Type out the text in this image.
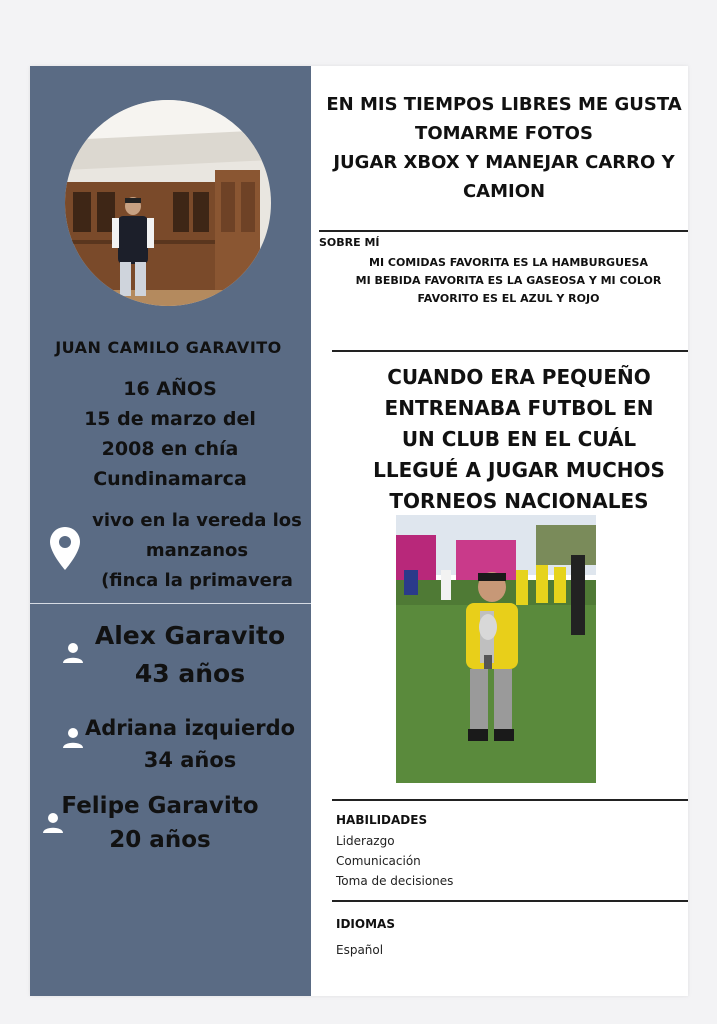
JUAN CAMILO GARAVITO
16 AÑOS
15 de marzo del
2008 en chía
Cundinamarca
vivo en la vereda los
manzanos
(finca la primavera
Alex Garavito
43 años
Adriana izquierdo
34 años
Felipe Garavito
20 años
EN MIS TIEMPOS LIBRES ME GUSTA
TOMARME FOTOS
JUGAR XBOX Y MANEJAR CARRO Y
CAMION
SOBRE MÍ
MI COMIDAS FAVORITA ES LA HAMBURGUESA
MI BEBIDA FAVORITA ES LA GASEOSA Y MI COLOR
FAVORITO ES EL AZUL Y ROJO
CUANDO ERA PEQUEÑO
ENTRENABA FUTBOL EN
UN CLUB EN EL CUÁL
LLEGUÉ A JUGAR MUCHOS
TORNEOS NACIONALES
HABILIDADES
Liderazgo
Comunicación
Toma de decisiones
IDIOMAS
Español
